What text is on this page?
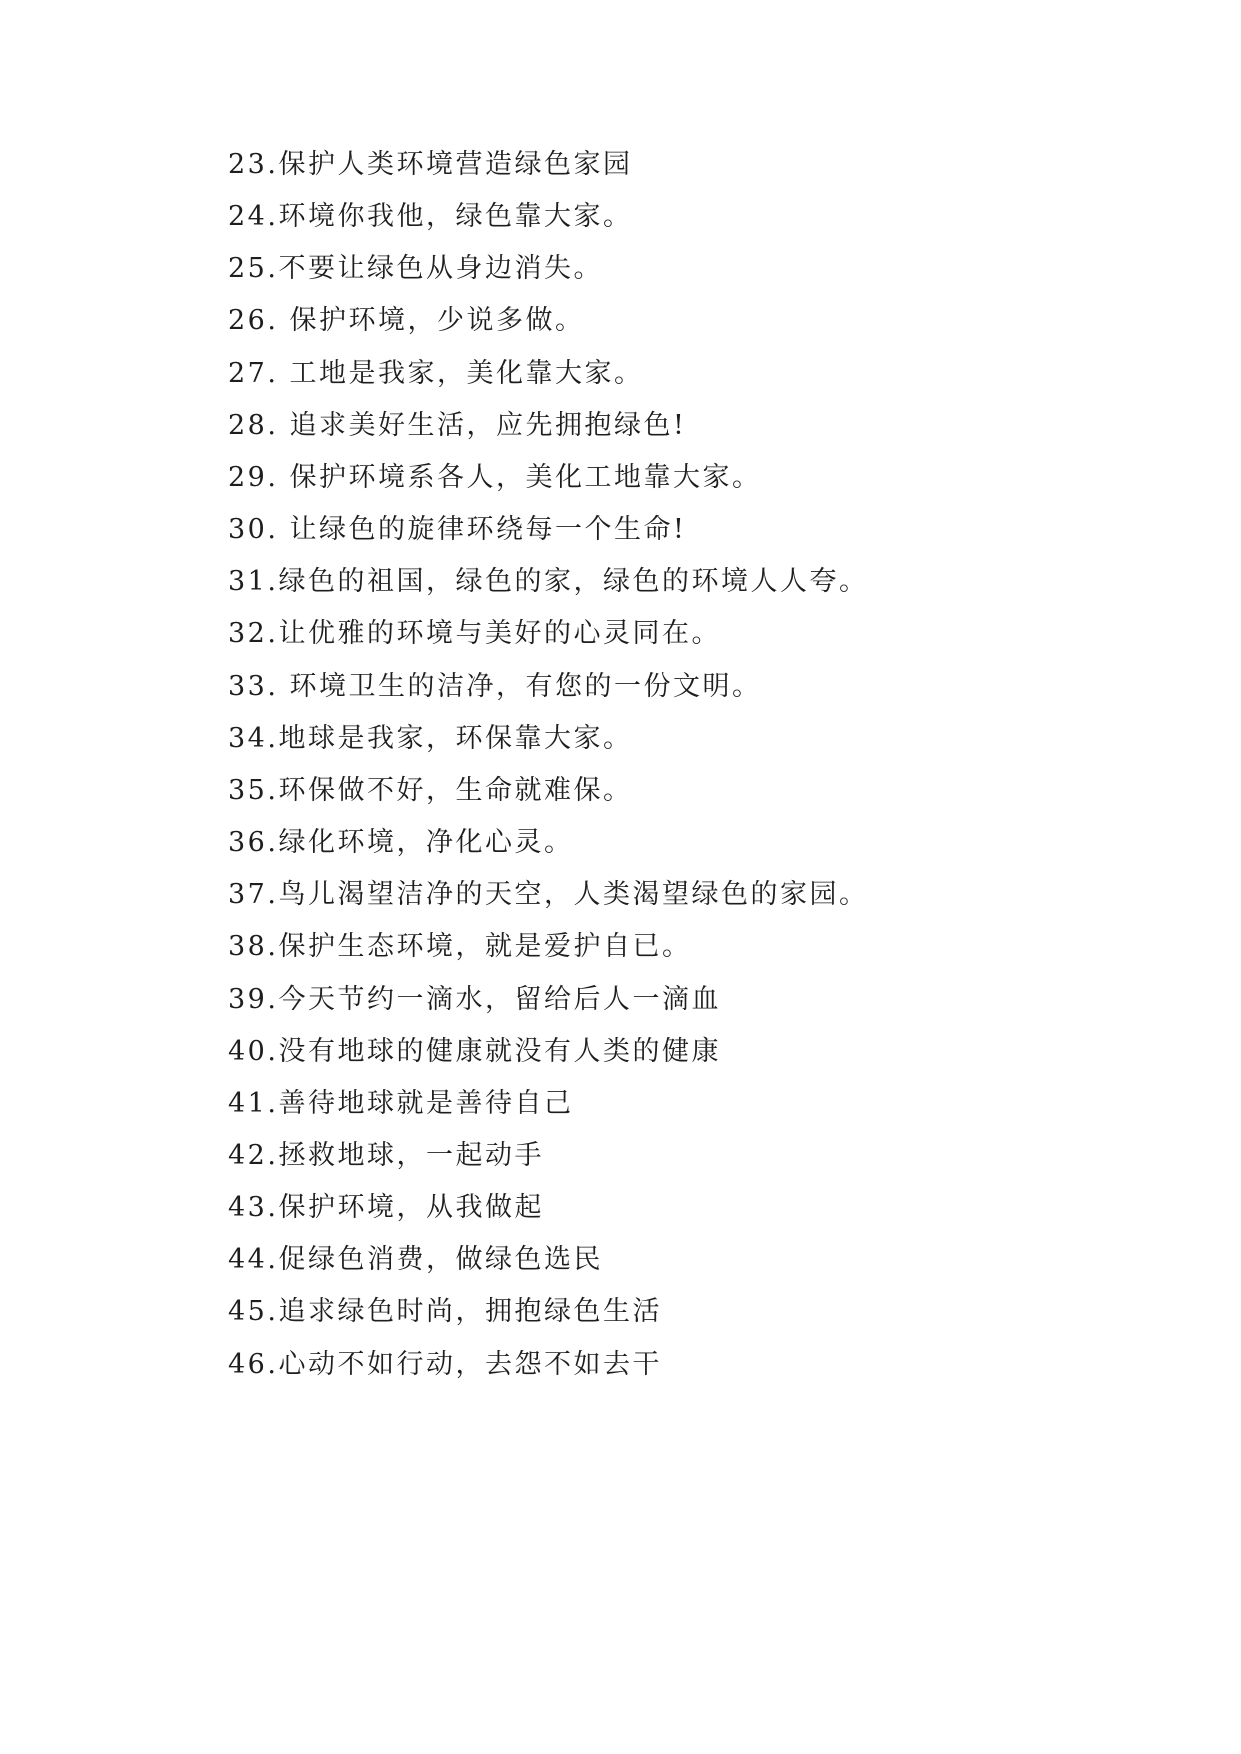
23.保护人类环境营造绿色家园
24.环境你我他，绿色靠大家。
25.不要让绿色从身边消失。
26. 保护环境，少说多做。
27. 工地是我家，美化靠大家。
28. 追求美好生活，应先拥抱绿色!
29. 保护环境系各人，美化工地靠大家。
30. 让绿色的旋律环绕每一个生命!
31.绿色的祖国，绿色的家，绿色的环境人人夸。
32.让优雅的环境与美好的心灵同在。
33. 环境卫生的洁净，有您的一份文明。
34.地球是我家，环保靠大家。
35.环保做不好，生命就难保。
36.绿化环境，净化心灵。
37.鸟儿渴望洁净的天空，人类渴望绿色的家园。
38.保护生态环境，就是爱护自已。
39.今天节约一滴水，留给后人一滴血
40.没有地球的健康就没有人类的健康
41.善待地球就是善待自己
42.拯救地球，一起动手
43.保护环境，从我做起
44.促绿色消费，做绿色选民
45.追求绿色时尚，拥抱绿色生活
46.心动不如行动，去怨不如去干
